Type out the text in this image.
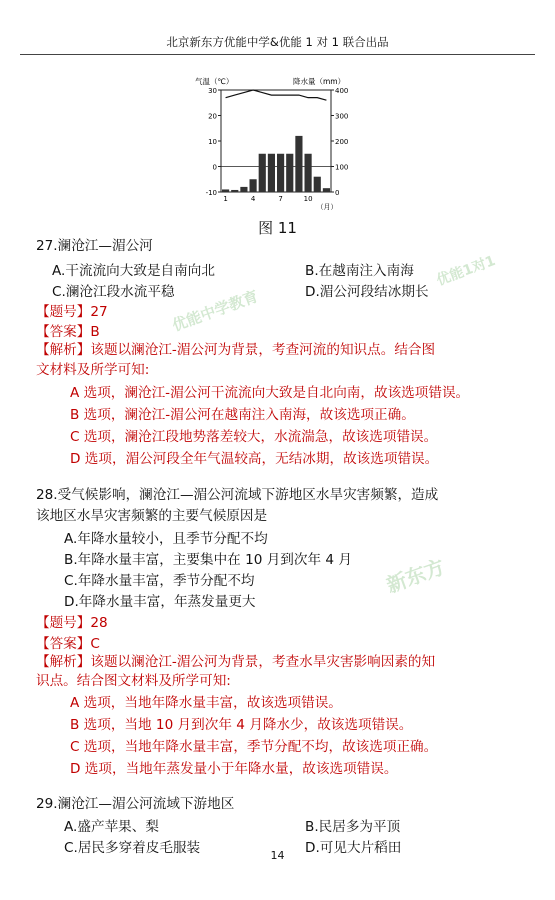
北京新东方优能中学&优能 1 对 1 联合出品
-10
0
10
20
30
0
100
200
300
400
1	4	7	10
（月）
气温（℃）	降水量（mm）
图 11
27.澜沧江—湄公河
A.干流流向大致是自南向北	B.在越南注入南海
C.澜沧江段水流平稳	D.湄公河段结冰期长
【题号】27
【答案】B
【解析】该题以澜沧江-湄公河为背景，考查河流的知识点。结合图
文材料及所学可知:
A 选项，澜沧江-湄公河干流流向大致是自北向南，故该选项错误。
B 选项，澜沧江-湄公河在越南注入南海，故该选项正确。
C 选项，澜沧江段地势落差较大，水流湍急，故该选项错误。
D 选项，湄公河段全年气温较高，无结冰期，故该选项错误。
28.受气候影响，澜沧江—湄公河流域下游地区水旱灾害频繁，造成
该地区水旱灾害频繁的主要气候原因是
A.年降水量较小，且季节分配不均
B.年降水量丰富，主要集中在 10 月到次年 4 月
C.年降水量丰富，季节分配不均
D.年降水量丰富，年蒸发量更大
【题号】28
【答案】C
【解析】该题以澜沧江-湄公河为背景，考查水旱灾害影响因素的知
识点。结合图文材料及所学可知:
A 选项，当地年降水量丰富，故该选项错误。
B 选项，当地 10 月到次年 4 月降水少，故该选项错误。
C 选项，当地年降水量丰富，季节分配不均，故该选项正确。
D 选项，当地年蒸发量小于年降水量，故该选项错误。
29.澜沧江—湄公河流域下游地区
A.盛产苹果、梨	B.民居多为平顶
C.居民多穿着皮毛服装	D.可见大片稻田
14
优能中学教育
优能1对1
新东方
